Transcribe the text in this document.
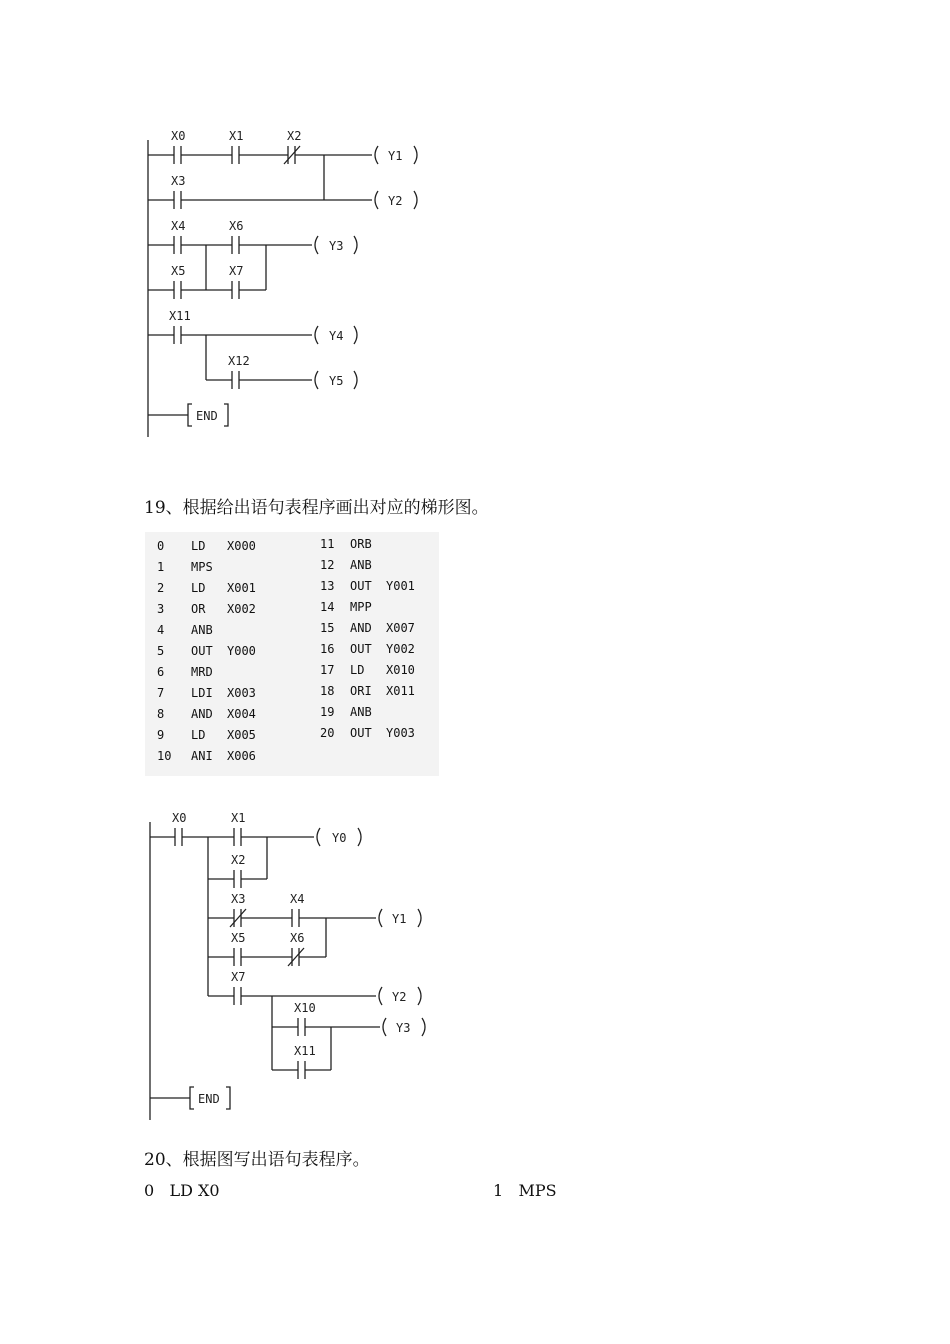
X0	X1	X2
Y1
X3
Y2
X4	X6
Y3
X5	X7
X11
Y4
X12
Y5
END
19、根据给出语句表程序画出对应的梯形图。
0 LD X000
1 MPS
2 LD X001
3 OR X002
4 ANB
5 OUT Y000
6 MRD
7 LDI X003
8 AND X004
9 LD X005
10 ANI X006
11 ORB
12 ANB
13 OUT Y001
14 MPP
15 AND X007
16 OUT Y002
17 LD X010
18 ORI X011
19 ANB
20 OUT Y003
X0	X1
Y0
X2
X3	X4
Y1
X5	X6
X7
Y2
X10
Y3
X11
END
20、根据图写出语句表程序。
0   LD X0	1   MPS
